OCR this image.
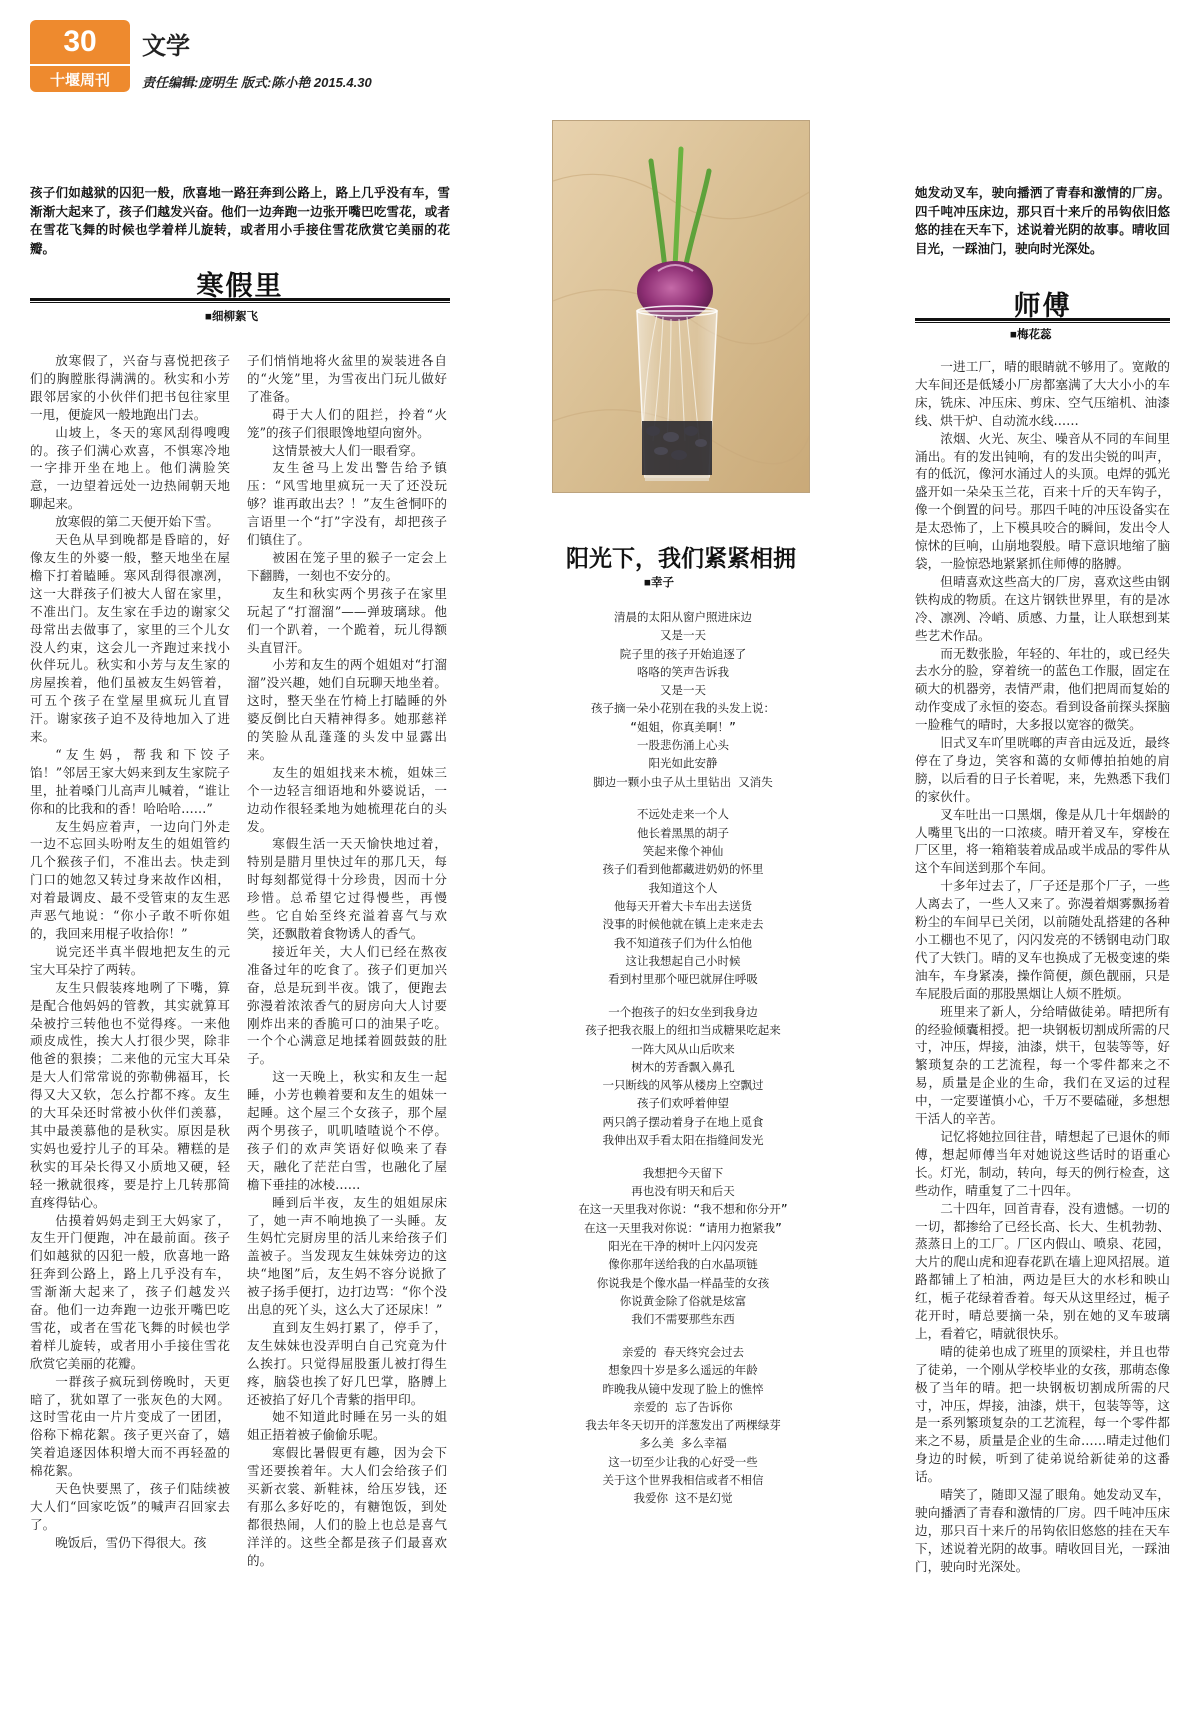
30
十堰周刊
文学
责任编辑:庞明生 版式:陈小艳 2015.4.30
孩子们如越狱的囚犯一般，欣喜地一路狂奔到公路上，路上几乎没有车，雪渐渐大起来了，孩子们越发兴奋。他们一边奔跑一边张开嘴巴吃雪花，或者在雪花飞舞的时候也学着样儿旋转，或者用小手接住雪花欣赏它美丽的花瓣。
寒假里
■细柳絮飞

放寒假了，兴奋与喜悦把孩子们的胸膛胀得满满的。秋实和小芳跟邻居家的小伙伴们把书包往家里一甩，便旋风一般地跑出门去。

山坡上，冬天的寒风刮得嗖嗖的。孩子们满心欢喜，不惧寒冷地一字排开坐在地上。他们满脸笑意，一边望着远处一边热闹朝天地聊起来。

放寒假的第二天便开始下雪。

天色从早到晚都是昏暗的，好像友生的外婆一般，整天地坐在屋檐下打着瞌睡。寒风刮得很凛冽，这一大群孩子们被大人留在家里，不准出门。友生家在手边的谢家父母常出去做事了，家里的三个儿女没人约束，这会儿一齐跑过来找小伙伴玩儿。秋实和小芳与友生家的房屋挨着，他们虽被友生妈管着，可五个孩子在堂屋里疯玩儿直冒汗。谢家孩子迫不及待地加入了进来。

“友生妈，帮我和下饺子馅！”邻居王家大妈来到友生家院子里，扯着嗓门儿高声儿喊着，“谁让你和的比我和的香！哈哈哈……”

友生妈应着声，一边向门外走一边不忘回头吩咐友生的姐姐管约几个猴孩子们，不准出去。快走到门口的她忽又转过身来故作凶相，对着最调皮、最不受管束的友生恶声恶气地说：“你小子敢不听你姐的，我回来用棍子收拾你！”

说完还半真半假地把友生的元宝大耳朵拧了两转。

友生只假装疼地咧了下嘴，算是配合他妈妈的管教，其实就算耳朵被拧三转他也不觉得疼。一来他顽皮成性，挨大人打很少哭，除非他爸的狠揍；二来他的元宝大耳朵是大人们常常说的弥勒佛福耳，长得又大又软，怎么拧都不疼。友生的大耳朵还时常被小伙伴们羡慕，其中最羡慕他的是秋实。原因是秋实妈也爱拧儿子的耳朵。糟糕的是秋实的耳朵长得又小质地又硬，轻轻一揪就很疼，要是拧上几转那简直疼得钻心。

估摸着妈妈走到王大妈家了，友生开门便跑，冲在最前面。孩子们如越狱的囚犯一般，欣喜地一路狂奔到公路上，路上几乎没有车，雪渐渐大起来了，孩子们越发兴奋。他们一边奔跑一边张开嘴巴吃雪花，或者在雪花飞舞的时候也学着样儿旋转，或者用小手接住雪花欣赏它美丽的花瓣。

一群孩子疯玩到傍晚时，天更暗了，犹如罩了一张灰色的大网。这时雪花由一片片变成了一团团，俗称下棉花絮。孩子更兴奋了，嬉笑着追逐因体积增大而不再轻盈的棉花絮。

天色快要黑了，孩子们陆续被大人们“回家吃饭”的喊声召回家去了。

晚饭后，雪仍下得很大。孩

子们悄悄地将火盆里的炭装进各自的“火笼”里，为雪夜出门玩儿做好了准备。

碍于大人们的阻拦，拎着“火笼”的孩子们很眼馋地望向窗外。

这情景被大人们一眼看穿。

友生爸马上发出警告给予镇压：“风雪地里疯玩一天了还没玩够？谁再敢出去？！”友生爸恫吓的言语里一个“打”字没有，却把孩子们镇住了。

被困在笼子里的猴子一定会上下翻腾，一刻也不安分的。

友生和秋实两个男孩子在家里玩起了“打溜溜”——弹玻璃球。他们一个趴着，一个跪着，玩儿得额头直冒汗。

小芳和友生的两个姐姐对“打溜溜”没兴趣，她们自玩聊天地坐着。这时，整天坐在竹椅上打瞌睡的外婆反倒比白天精神得多。她那慈祥的笑脸从乱蓬蓬的头发中显露出来。

友生的姐姐找来木梳，姐妹三个一边轻言细语地和外婆说话，一边动作很轻柔地为她梳理花白的头发。

寒假生活一天天愉快地过着，特别是腊月里快过年的那几天，每时每刻都觉得十分珍贵，因而十分珍惜。总希望它过得慢些，再慢些。它自始至终充溢着喜气与欢笑，还飘散着食物诱人的香气。

接近年关，大人们已经在熬夜准备过年的吃食了。孩子们更加兴奋，总是玩到半夜。饿了，便跑去弥漫着浓浓香气的厨房向大人讨要刚炸出来的香脆可口的油果子吃。一个个心满意足地揉着圆鼓鼓的肚子。

这一天晚上，秋实和友生一起睡，小芳也赖着要和友生的姐妹一起睡。这个屋三个女孩子，那个屋两个男孩子，叽叽喳喳说个不停。孩子们的欢声笑语好似唤来了春天，融化了茫茫白雪，也融化了屋檐下垂挂的冰棱……

睡到后半夜，友生的姐姐尿床了，她一声不响地换了一头睡。友生妈忙完厨房里的活儿来给孩子们盖被子。当发现友生妹妹旁边的这块“地图”后，友生妈不容分说掀了被子扬手便打，边打边骂：“你个没出息的死丫头，这么大了还尿床！”

直到友生妈打累了，停手了，友生妹妹也没弄明白自己究竟为什么挨打。只觉得屈股蛋儿被打得生疼，脑袋也挨了好几巴掌，胳膊上还被掐了好几个青紫的指甲印。

她不知道此时睡在另一头的姐姐正捂着被子偷偷乐呢。

寒假比暑假更有趣，因为会下雪还要挨着年。大人们会给孩子们买新衣裳、新鞋袜，给压岁钱，还有那么多好吃的，有糖饱饭，到处都很热闹，人们的脸上也总是喜气洋洋的。这些全都是孩子们最喜欢的。

阳光下，我们紧紧相拥
■幸子
清晨的太阳从窗户照进床边
又是一天
院子里的孩子开始追逐了
咯咯的笑声告诉我
又是一天
孩子摘一朵小花别在我的头发上说：
“姐姐，你真美啊！”
一股悲伤涌上心头
阳光如此安静
脚边一颗小虫子从土里钻出 又消失
不远处走来一个人
他长着黑黑的胡子
笑起来像个神仙
孩子们看到他都藏进奶奶的怀里
我知道这个人
他每天开着大卡车出去送货
没事的时候他就在镇上走来走去
我不知道孩子们为什么怕他
这让我想起自己小时候
看到村里那个哑巴就屏住呼吸
一个抱孩子的妇女坐到我身边
孩子把我衣服上的纽扣当成糖果吃起来
一阵大风从山后吹来
树木的芳香飘入鼻孔
一只断线的风筝从楼房上空飘过
孩子们欢呼着伸望
两只鸽子摆动着身子在地上觅食
我伸出双手看太阳在指缝间发光
我想把今天留下
再也没有明天和后天
在这一天里我对你说：“我不想和你分开”
在这一天里我对你说：“请用力抱紧我”
阳光在干净的树叶上闪闪发亮
像你那年送给我的白水晶项链
你说我是个像水晶一样晶莹的女孩
你说黄金除了俗就是炫富
我们不需要那些东西
亲爱的 春天终究会过去
想象四十岁是多么遥远的年龄
昨晚我从镜中发现了脸上的憔悴
亲爱的 忘了告诉你
我去年冬天切开的洋葱发出了两棵绿芽
多么美 多么幸福
这一切至少让我的心好受一些
关于这个世界我相信或者不相信
我爱你 这不是幻觉
她发动叉车，驶向播洒了青春和激情的厂房。四千吨冲压床边，那只百十来斤的吊钩依旧悠悠的挂在天车下，述说着光阴的故事。晴收回目光，一踩油门，驶向时光深处。
师傅
■梅花蕊

一进工厂，晴的眼睛就不够用了。宽敞的大车间还是低矮小厂房都塞满了大大小小的车床，铣床、冲压床、剪床、空气压缩机、油漆线、烘干炉、自动流水线……

浓烟、火光、灰尘、噪音从不同的车间里涌出。有的发出钝响，有的发出尖锐的叫声，有的低沉，像河水涌过人的头顶。电焊的弧光盛开如一朵朵玉兰花，百来十斤的天车钩子，像一个倒置的问号。那四千吨的冲压设备实在是太恐怖了，上下模具咬合的瞬间，发出令人惊怵的巨响，山崩地裂般。晴下意识地缩了脑袋，一脸惊恐地紧紧抓住师傅的胳膊。

但晴喜欢这些高大的厂房，喜欢这些由钢铁构成的物质。在这片钢铁世界里，有的是冰冷、凛冽、冷峭、质感、力量，让人联想到某些艺术作品。

而无数张脸，年轻的、年壮的，或已经失去水分的脸，穿着统一的蓝色工作服，固定在硕大的机器旁，表情严肃，他们把周而复始的动作变成了永恒的姿态。看到设备前探头探脑一脸稚气的晴时，大多报以宽容的微笑。

旧式叉车吖里咣啷的声音由远及近，最终停在了身边，笑容和蔼的女师傅拍拍她的肩膀，以后看的日子长着呢，来，先熟悉下我们的家伙什。

叉车吐出一口黑烟，像是从几十年烟龄的人嘴里飞出的一口浓痰。晴开着叉车，穿梭在厂区里，将一箱箱装着成品或半成品的零件从这个车间送到那个车间。

十多年过去了，厂子还是那个厂子，一些人离去了，一些人又来了。弥漫着烟雾飘扬着粉尘的车间早已关闭，以前随处乱搭建的各种小工棚也不见了，闪闪发亮的不锈钢电动门取代了大铁门。晴的叉车也换成了无极变速的柴油车，车身紧凑，操作简便，颜色靓丽，只是车屁股后面的那股黑烟让人烦不胜烦。

班里来了新人，分给晴做徒弟。晴把所有的经验倾囊相授。把一块钢板切割成所需的尺寸，冲压，焊接，油漆，烘干，包装等等，好繁琐复杂的工艺流程，每一个零件都来之不易，质量是企业的生命，我们在叉运的过程中，一定要谨慎小心，千万不要磕碰，多想想干活人的辛苦。

记忆将她拉回往昔，晴想起了已退休的师傅，想起师傅当年对她说这些话时的语重心长。灯光，制动，转向，每天的例行检查，这些动作，晴重复了二十四年。

二十四年，回首青春，没有遗憾。一切的一切，都掺给了已经长高、长大、生机勃勃、蒸蒸日上的工厂。厂区内假山、喷泉、花园，大片的爬山虎和迎春花趴在墙上迎风招展。道路都铺上了柏油，两边是巨大的水杉和映山红，栀子花绿着香着。每天从这里经过，栀子花开时，晴总要摘一朵，别在她的叉车玻璃上，看着它，晴就很快乐。

晴的徒弟也成了班里的顶梁柱，并且也带了徒弟，一个刚从学校毕业的女孩，那萌态像极了当年的晴。把一块钢板切割成所需的尺寸，冲压，焊接，油漆，烘干，包装等等，这是一系列繁琐复杂的工艺流程，每一个零件都来之不易，质量是企业的生命……晴走过他们身边的时候，听到了徒弟说给新徒弟的这番话。

晴笑了，随即又湿了眼角。她发动叉车，驶向播洒了青春和激情的厂房。四千吨冲压床边，那只百十来斤的吊钩依旧悠悠的挂在天车下，述说着光阴的故事。晴收回目光，一踩油门，驶向时光深处。
